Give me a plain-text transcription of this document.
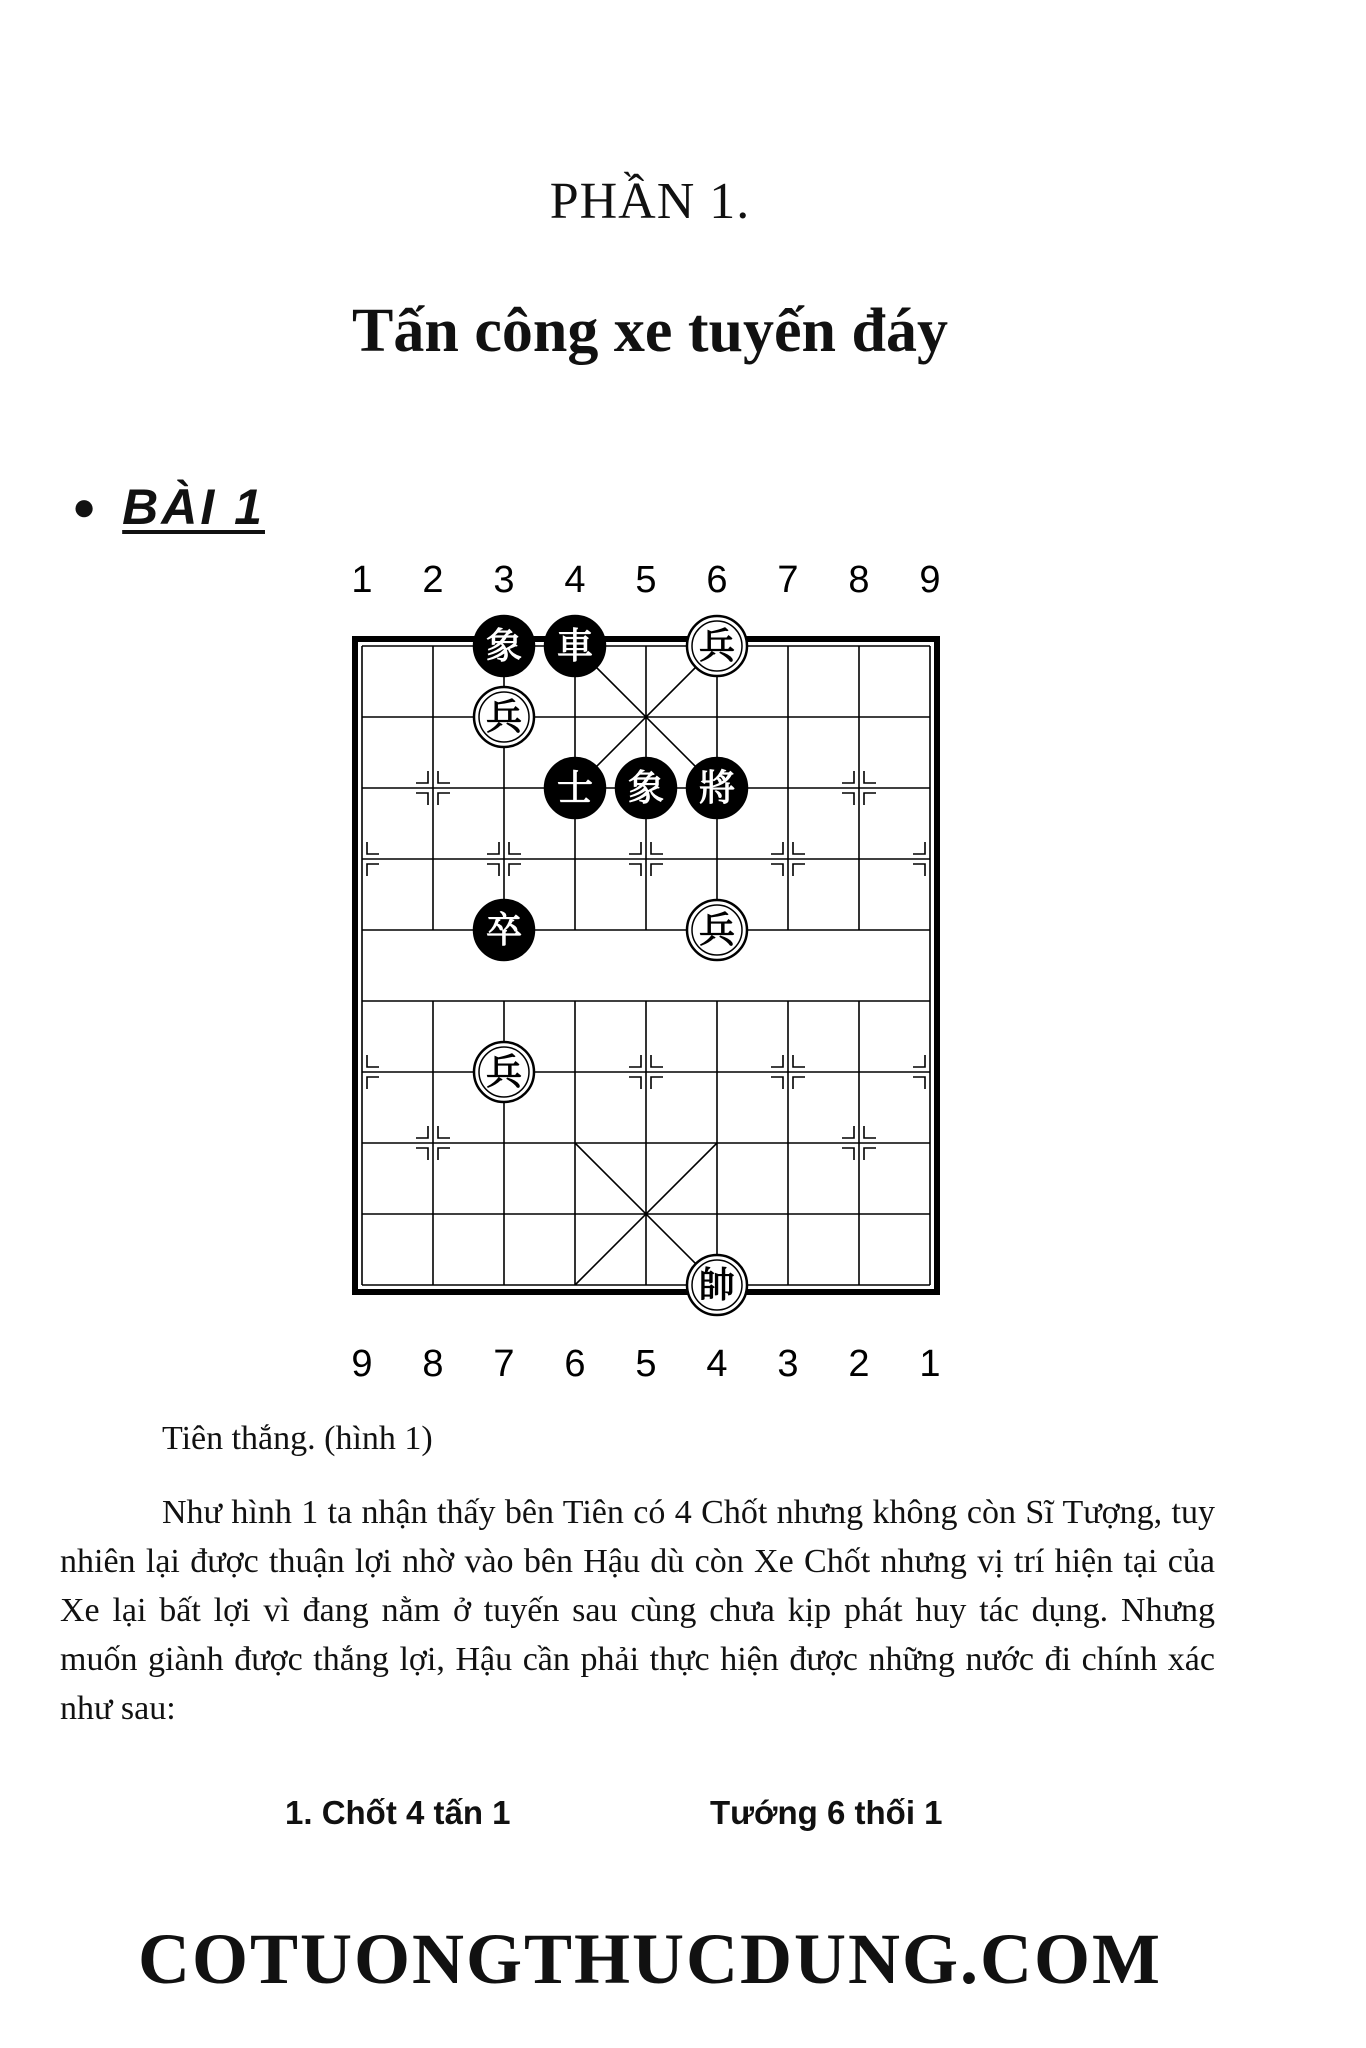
PHẦN 1.
Tấn công xe tuyến đáy
● BÀI 1
1 2 3 4 5 6 7 8 9
9 8 7 6 5 4 3 2 1
象 車	兵
兵
士 象 將
卒	兵
兵
帥
Tiên thắng. (hình 1)
Như hình 1 ta nhận thấy bên Tiên có 4 Chốt nhưng không còn Sĩ Tượng, tuy nhiên lại được thuận lợi nhờ vào bên Hậu dù còn Xe Chốt nhưng vị trí hiện tại của Xe lại bất lợi vì đang nằm ở tuyến sau cùng chưa kịp phát huy tác dụng. Nhưng muốn giành được thắng lợi, Hậu cần phải thực hiện được những nước đi chính xác như sau:
1. Chốt 4 tấn 1	Tướng 6 thối 1
COTUONGTHUCDUNG.COM
